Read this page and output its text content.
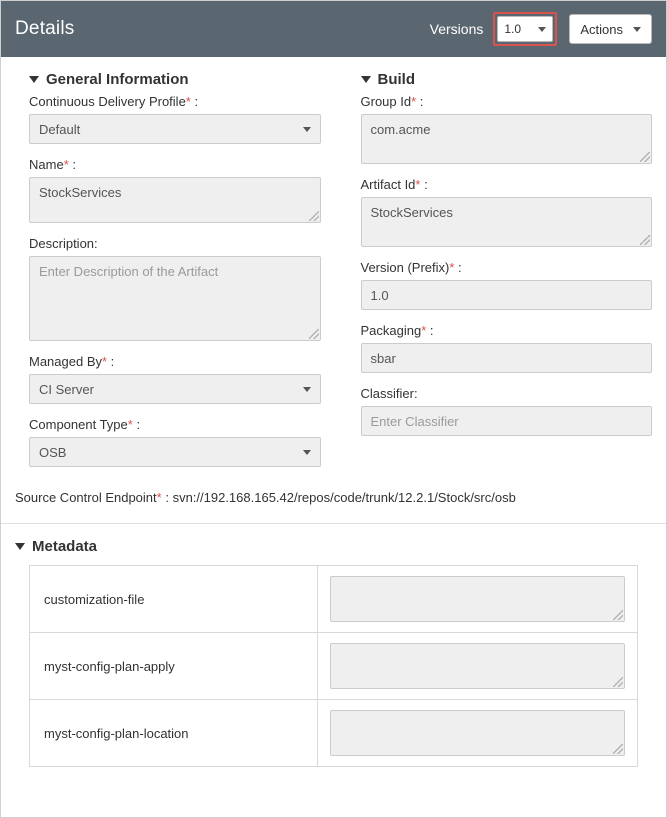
Details	Versions 1.0	Actions
General Information
Continuous Delivery Profile* :
Default
Name* :
StockServices
Description:
Enter Description of the Artifact
Managed By* :
CI Server
Component Type* :
OSB
Build
Group Id* :
com.acme
Artifact Id* :
StockServices
Version (Prefix)* :
1.0
Packaging* :
sbar
Classifier:
Enter Classifier
Source Control Endpoint* : svn://192.168.165.42/repos/code/trunk/12.2.1/Stock/src/osb
Metadata
customization-file
myst-config-plan-apply
myst-config-plan-location
